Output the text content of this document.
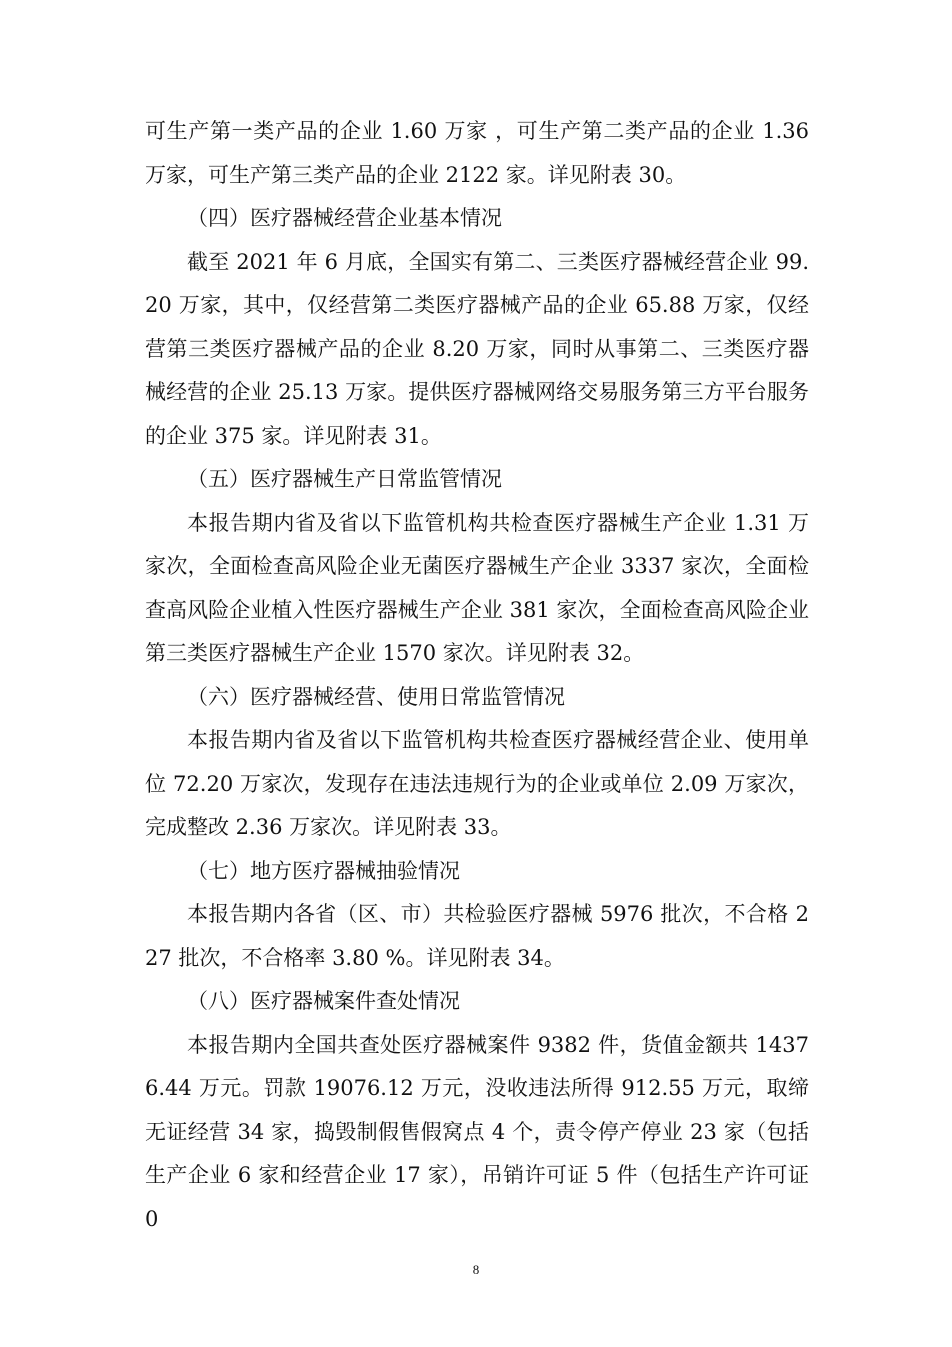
可生产第一类产品的企业 1.60 万家 ，可生产第二类产品的企业 1.36 万家，可生产第三类产品的企业 2122 家。详见附表 30。

（四）医疗器械经营企业基本情况

截至 2021 年 6 月底，全国实有第二、三类医疗器械经营企业 99.20 万家，其中，仅经营第二类医疗器械产品的企业 65.88 万家，仅经营第三类医疗器械产品的企业 8.20 万家，同时从事第二、三类医疗器械经营的企业 25.13 万家。提供医疗器械网络交易服务第三方平台服务的企业 375 家。详见附表 31。

（五）医疗器械生产日常监管情况

本报告期内省及省以下监管机构共检查医疗器械生产企业 1.31 万家次，全面检查高风险企业无菌医疗器械生产企业 3337 家次，全面检查高风险企业植入性医疗器械生产企业 381 家次，全面检查高风险企业第三类医疗器械生产企业 1570 家次。详见附表 32。

（六）医疗器械经营、使用日常监管情况

本报告期内省及省以下监管机构共检查医疗器械经营企业、使用单位 72.20 万家次，发现存在违法违规行为的企业或单位 2.09 万家次，完成整改 2.36 万家次。详见附表 33。

（七）地方医疗器械抽验情况

本报告期内各省（区、市）共检验医疗器械 5976 批次，不合格 227 批次，不合格率 3.80 %。详见附表 34。

（八）医疗器械案件查处情况

本报告期内全国共查处医疗器械案件 9382 件，货值金额共 14376.44 万元。罚款 19076.12 万元，没收违法所得 912.55 万元，取缔无证经营 34 家，捣毁制假售假窝点 4 个，责令停产停业 23 家（包括生产企业 6 家和经营企业 17 家），吊销许可证 5 件（包括生产许可证 0

8
